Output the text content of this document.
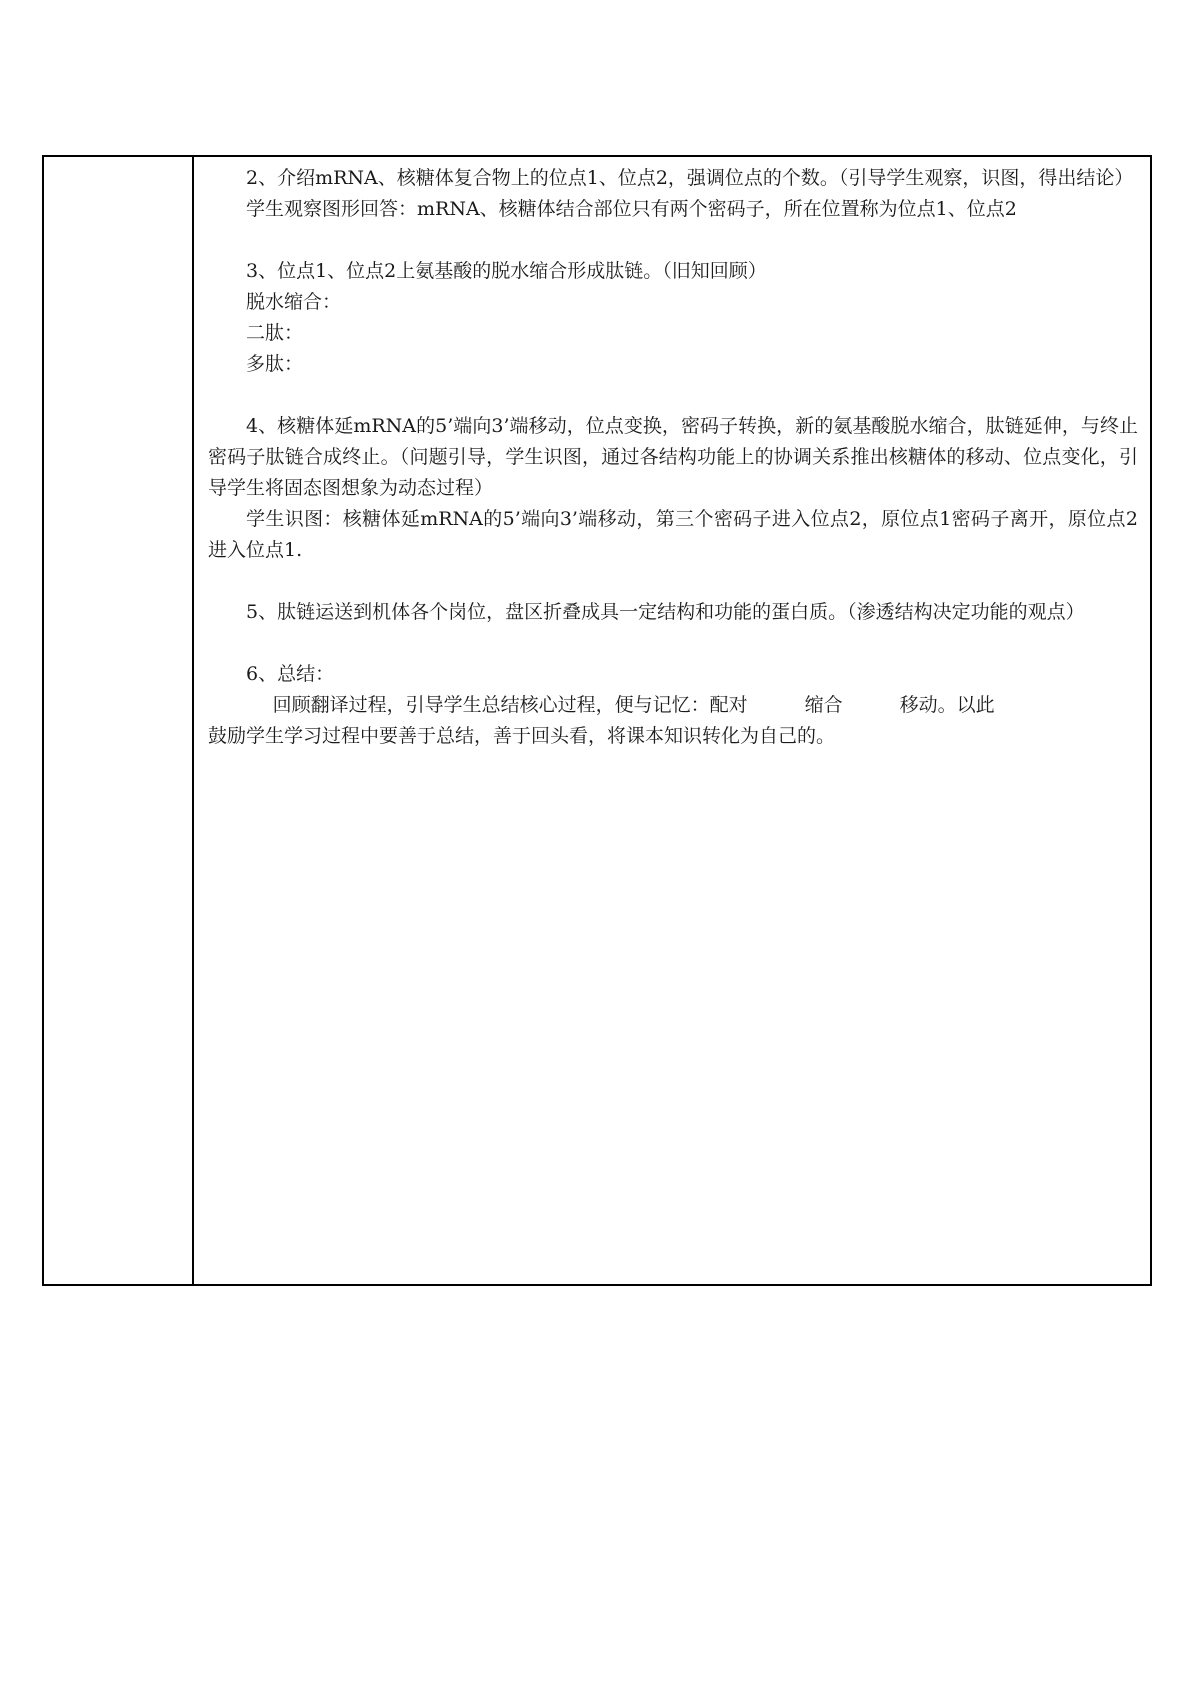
2、介绍mRNA、核糖体复合物上的位点1、位点2，强调位点的个数。（引导学生观察，识图，得出结论）

学生观察图形回答：mRNA、核糖体结合部位只有两个密码子，所在位置称为位点1、位点2

3、位点1、位点2上氨基酸的脱水缩合形成肽链。（旧知回顾）

脱水缩合：

二肽：

多肽：

4、核糖体延mRNA的5’端向3’端移动，位点变换，密码子转换，新的氨基酸脱水缩合，肽链延伸，与终止密码子肽链合成终止。（问题引导，学生识图，通过各结构功能上的协调关系推出核糖体的移动、位点变化，引导学生将固态图想象为动态过程）

学生识图：核糖体延mRNA的5’端向3’端移动，第三个密码子进入位点2，原位点1密码子离开，原位点2进入位点1.

5、肽链运送到机体各个岗位，盘区折叠成具一定结构和功能的蛋白质。（渗透结构决定功能的观点）

6、总结：

回顾翻译过程，引导学生总结核心过程，便与记忆：配对	缩合	移动。以此

鼓励学生学习过程中要善于总结，善于回头看，将课本知识转化为自己的。
